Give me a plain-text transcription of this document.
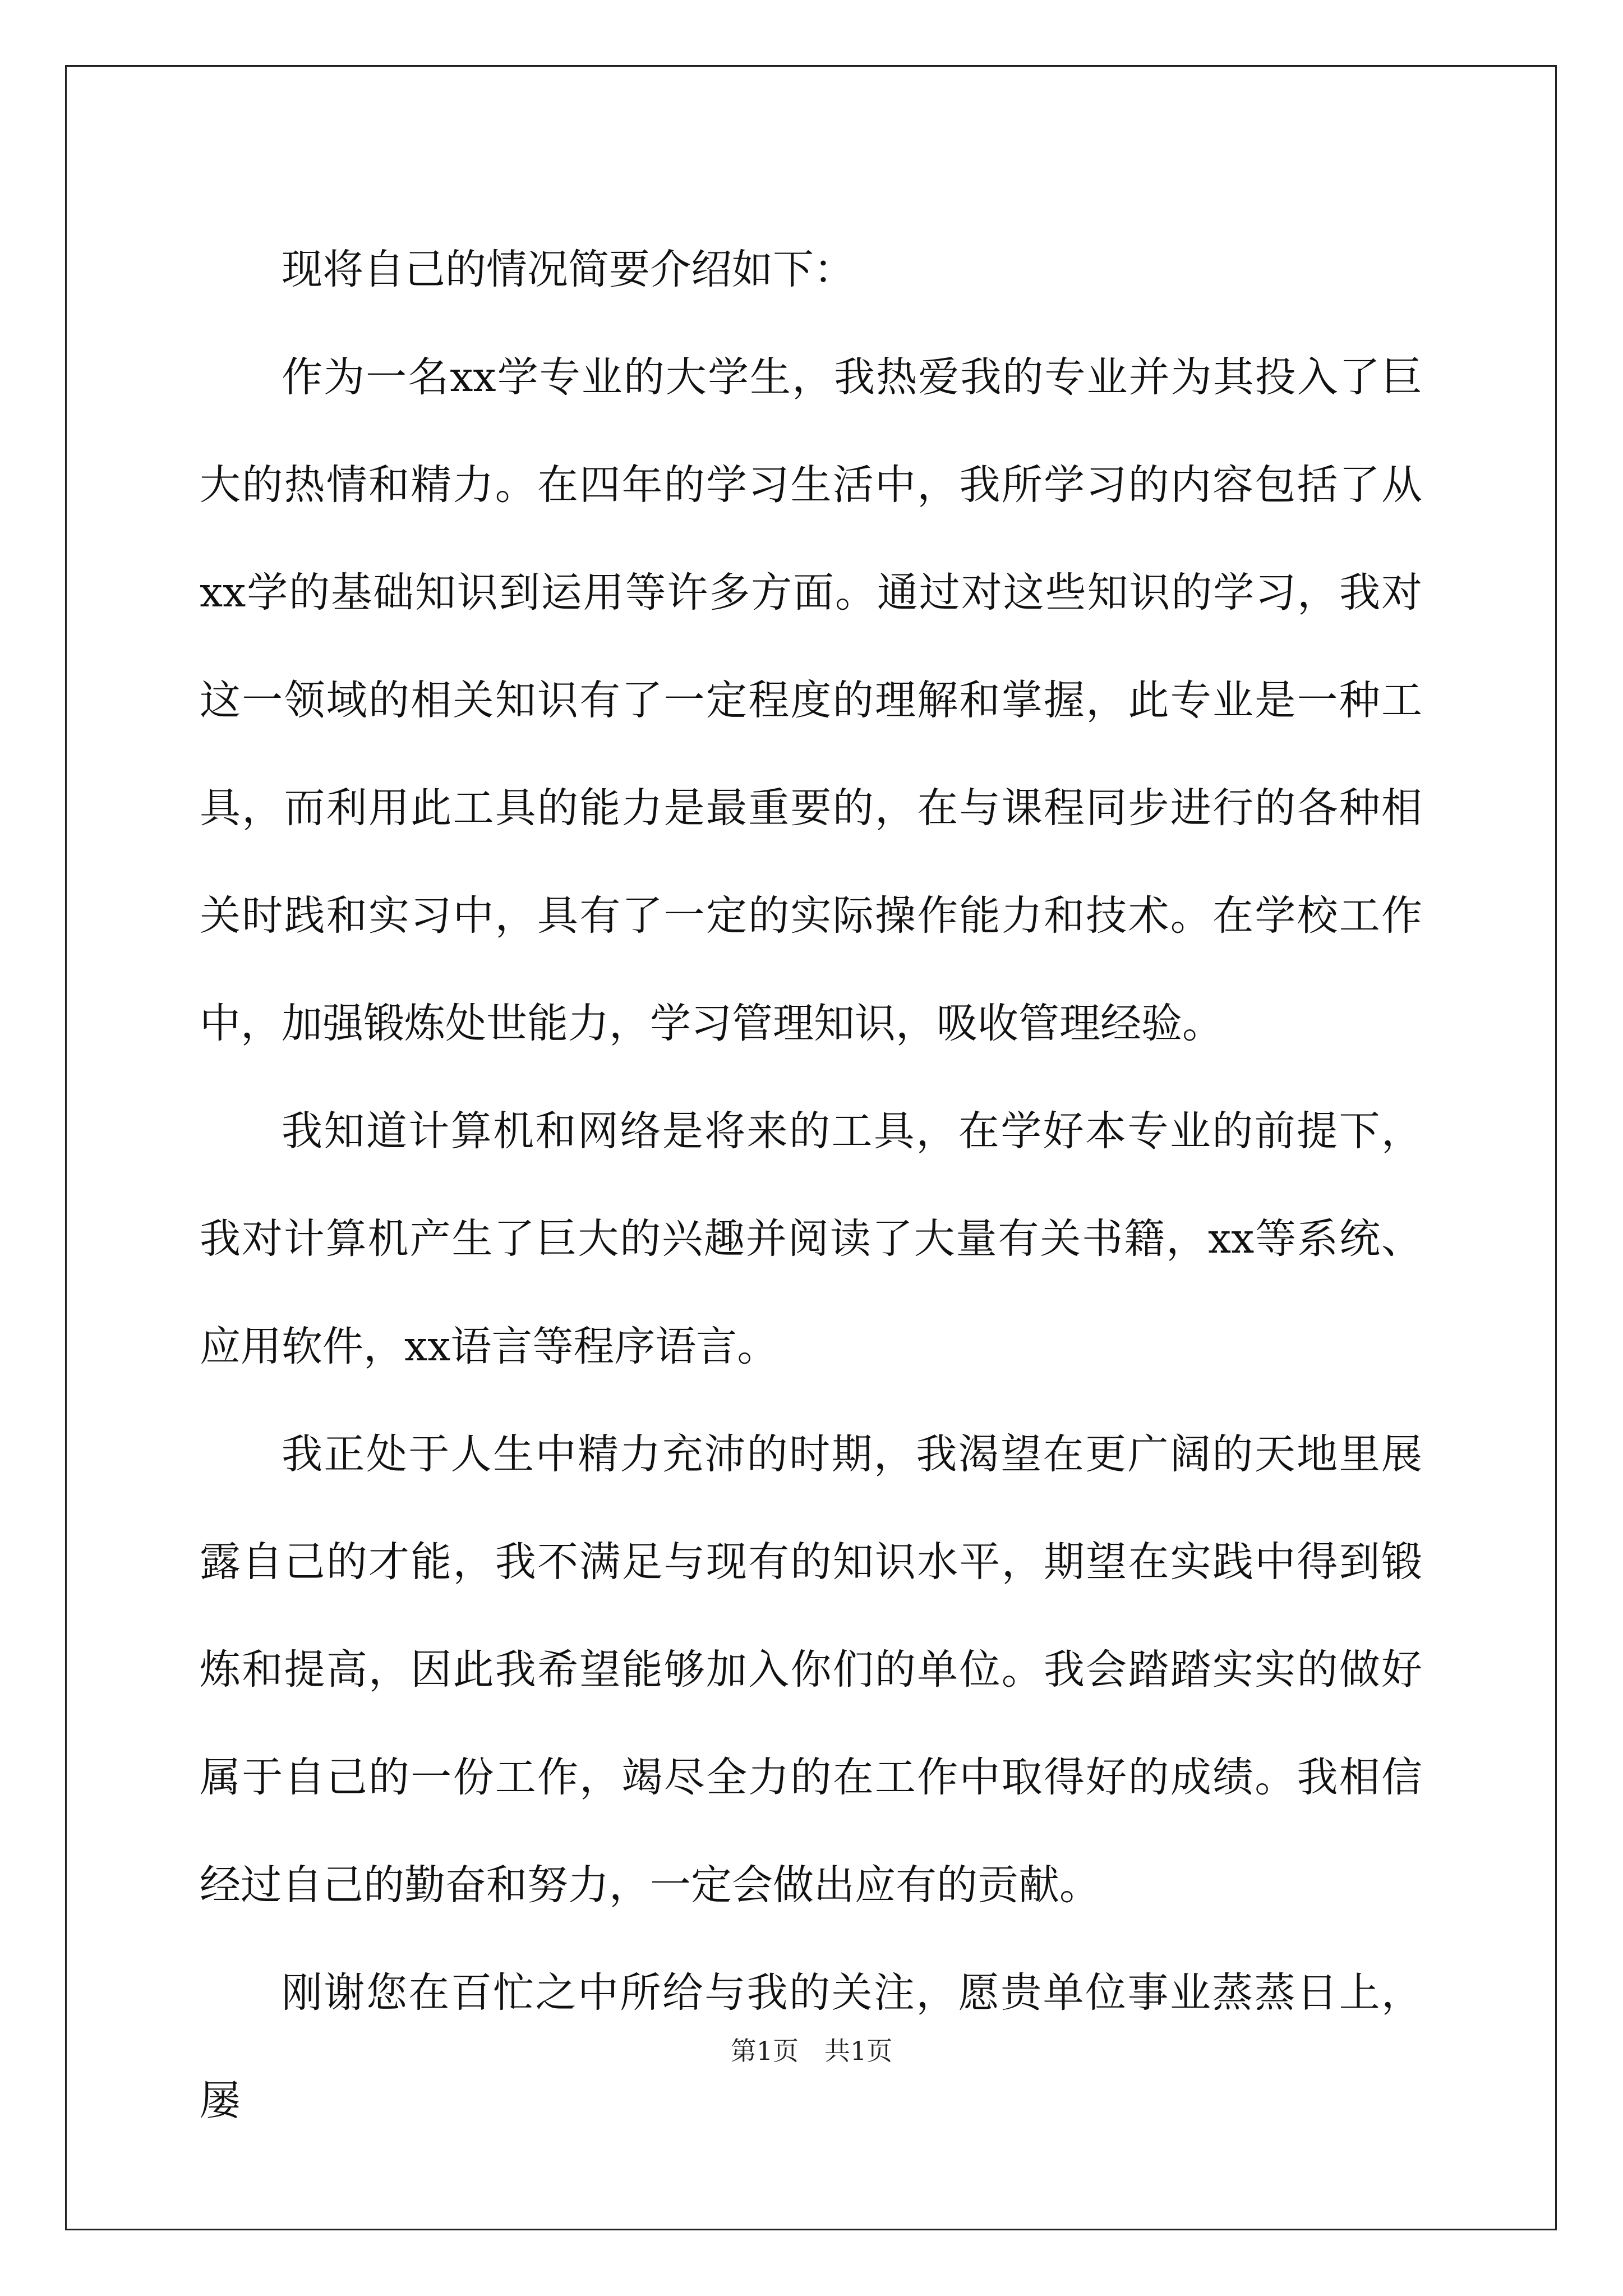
现将自己的情况简要介绍如下：

作为一名xx学专业的大学生，我热爱我的专业并为其投入了巨大的热情和精力。在四年的学习生活中，我所学习的内容包括了从xx学的基础知识到运用等许多方面。通过对这些知识的学习，我对这一领域的相关知识有了一定程度的理解和掌握，此专业是一种工具，而利用此工具的能力是最重要的，在与课程同步进行的各种相关时践和实习中，具有了一定的实际操作能力和技术。在学校工作中，加强锻炼处世能力，学习管理知识，吸收管理经验。

我知道计算机和网络是将来的工具，在学好本专业的前提下，我对计算机产生了巨大的兴趣并阅读了大量有关书籍，xx等系统、应用软件，xx语言等程序语言。

我正处于人生中精力充沛的时期，我渴望在更广阔的天地里展露自己的才能，我不满足与现有的知识水平，期望在实践中得到锻炼和提高，因此我希望能够加入你们的单位。我会踏踏实实的做好属于自己的一份工作，竭尽全力的在工作中取得好的成绩。我相信经过自己的勤奋和努力，一定会做出应有的贡献。

刚谢您在百忙之中所给与我的关注，愿贵单位事业蒸蒸日上，屡

第1页 共1页
